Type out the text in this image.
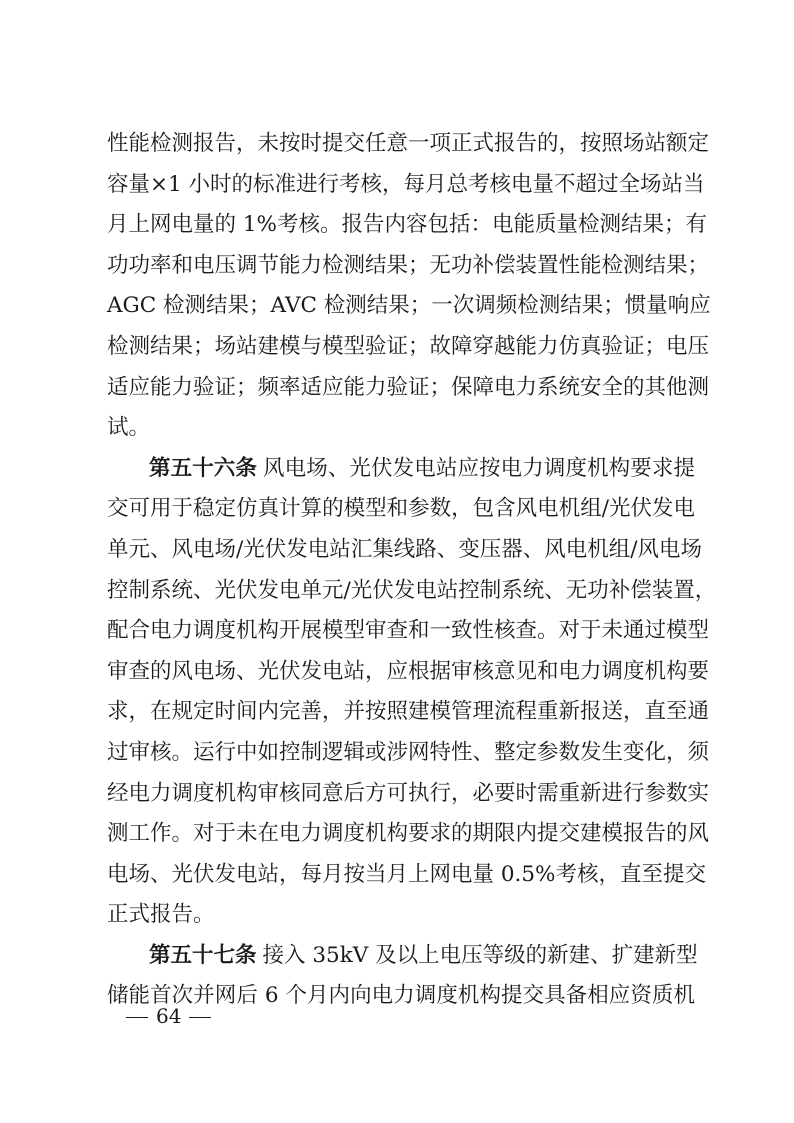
性能检测报告，未按时提交任意一项正式报告的，按照场站额定
容量×1 小时的标准进行考核，每月总考核电量不超过全场站当
月上网电量的 1%考核。报告内容包括：电能质量检测结果；有
功功率和电压调节能力检测结果；无功补偿装置性能检测结果；
AGC 检测结果；AVC 检测结果；一次调频检测结果；惯量响应
检测结果；场站建模与模型验证；故障穿越能力仿真验证；电压
适应能力验证；频率适应能力验证；保障电力系统安全的其他测
试。
第五十六条 风电场、光伏发电站应按电力调度机构要求提
交可用于稳定仿真计算的模型和参数，包含风电机组/光伏发电
单元、风电场/光伏发电站汇集线路、变压器、风电机组/风电场
控制系统、光伏发电单元/光伏发电站控制系统、无功补偿装置，
配合电力调度机构开展模型审查和一致性核查。对于未通过模型
审查的风电场、光伏发电站，应根据审核意见和电力调度机构要
求，在规定时间内完善，并按照建模管理流程重新报送，直至通
过审核。运行中如控制逻辑或涉网特性、整定参数发生变化，须
经电力调度机构审核同意后方可执行，必要时需重新进行参数实
测工作。对于未在电力调度机构要求的期限内提交建模报告的风
电场、光伏发电站，每月按当月上网电量 0.5%考核，直至提交
正式报告。
第五十七条 接入 35kV 及以上电压等级的新建、扩建新型
储能首次并网后 6 个月内向电力调度机构提交具备相应资质机
64
